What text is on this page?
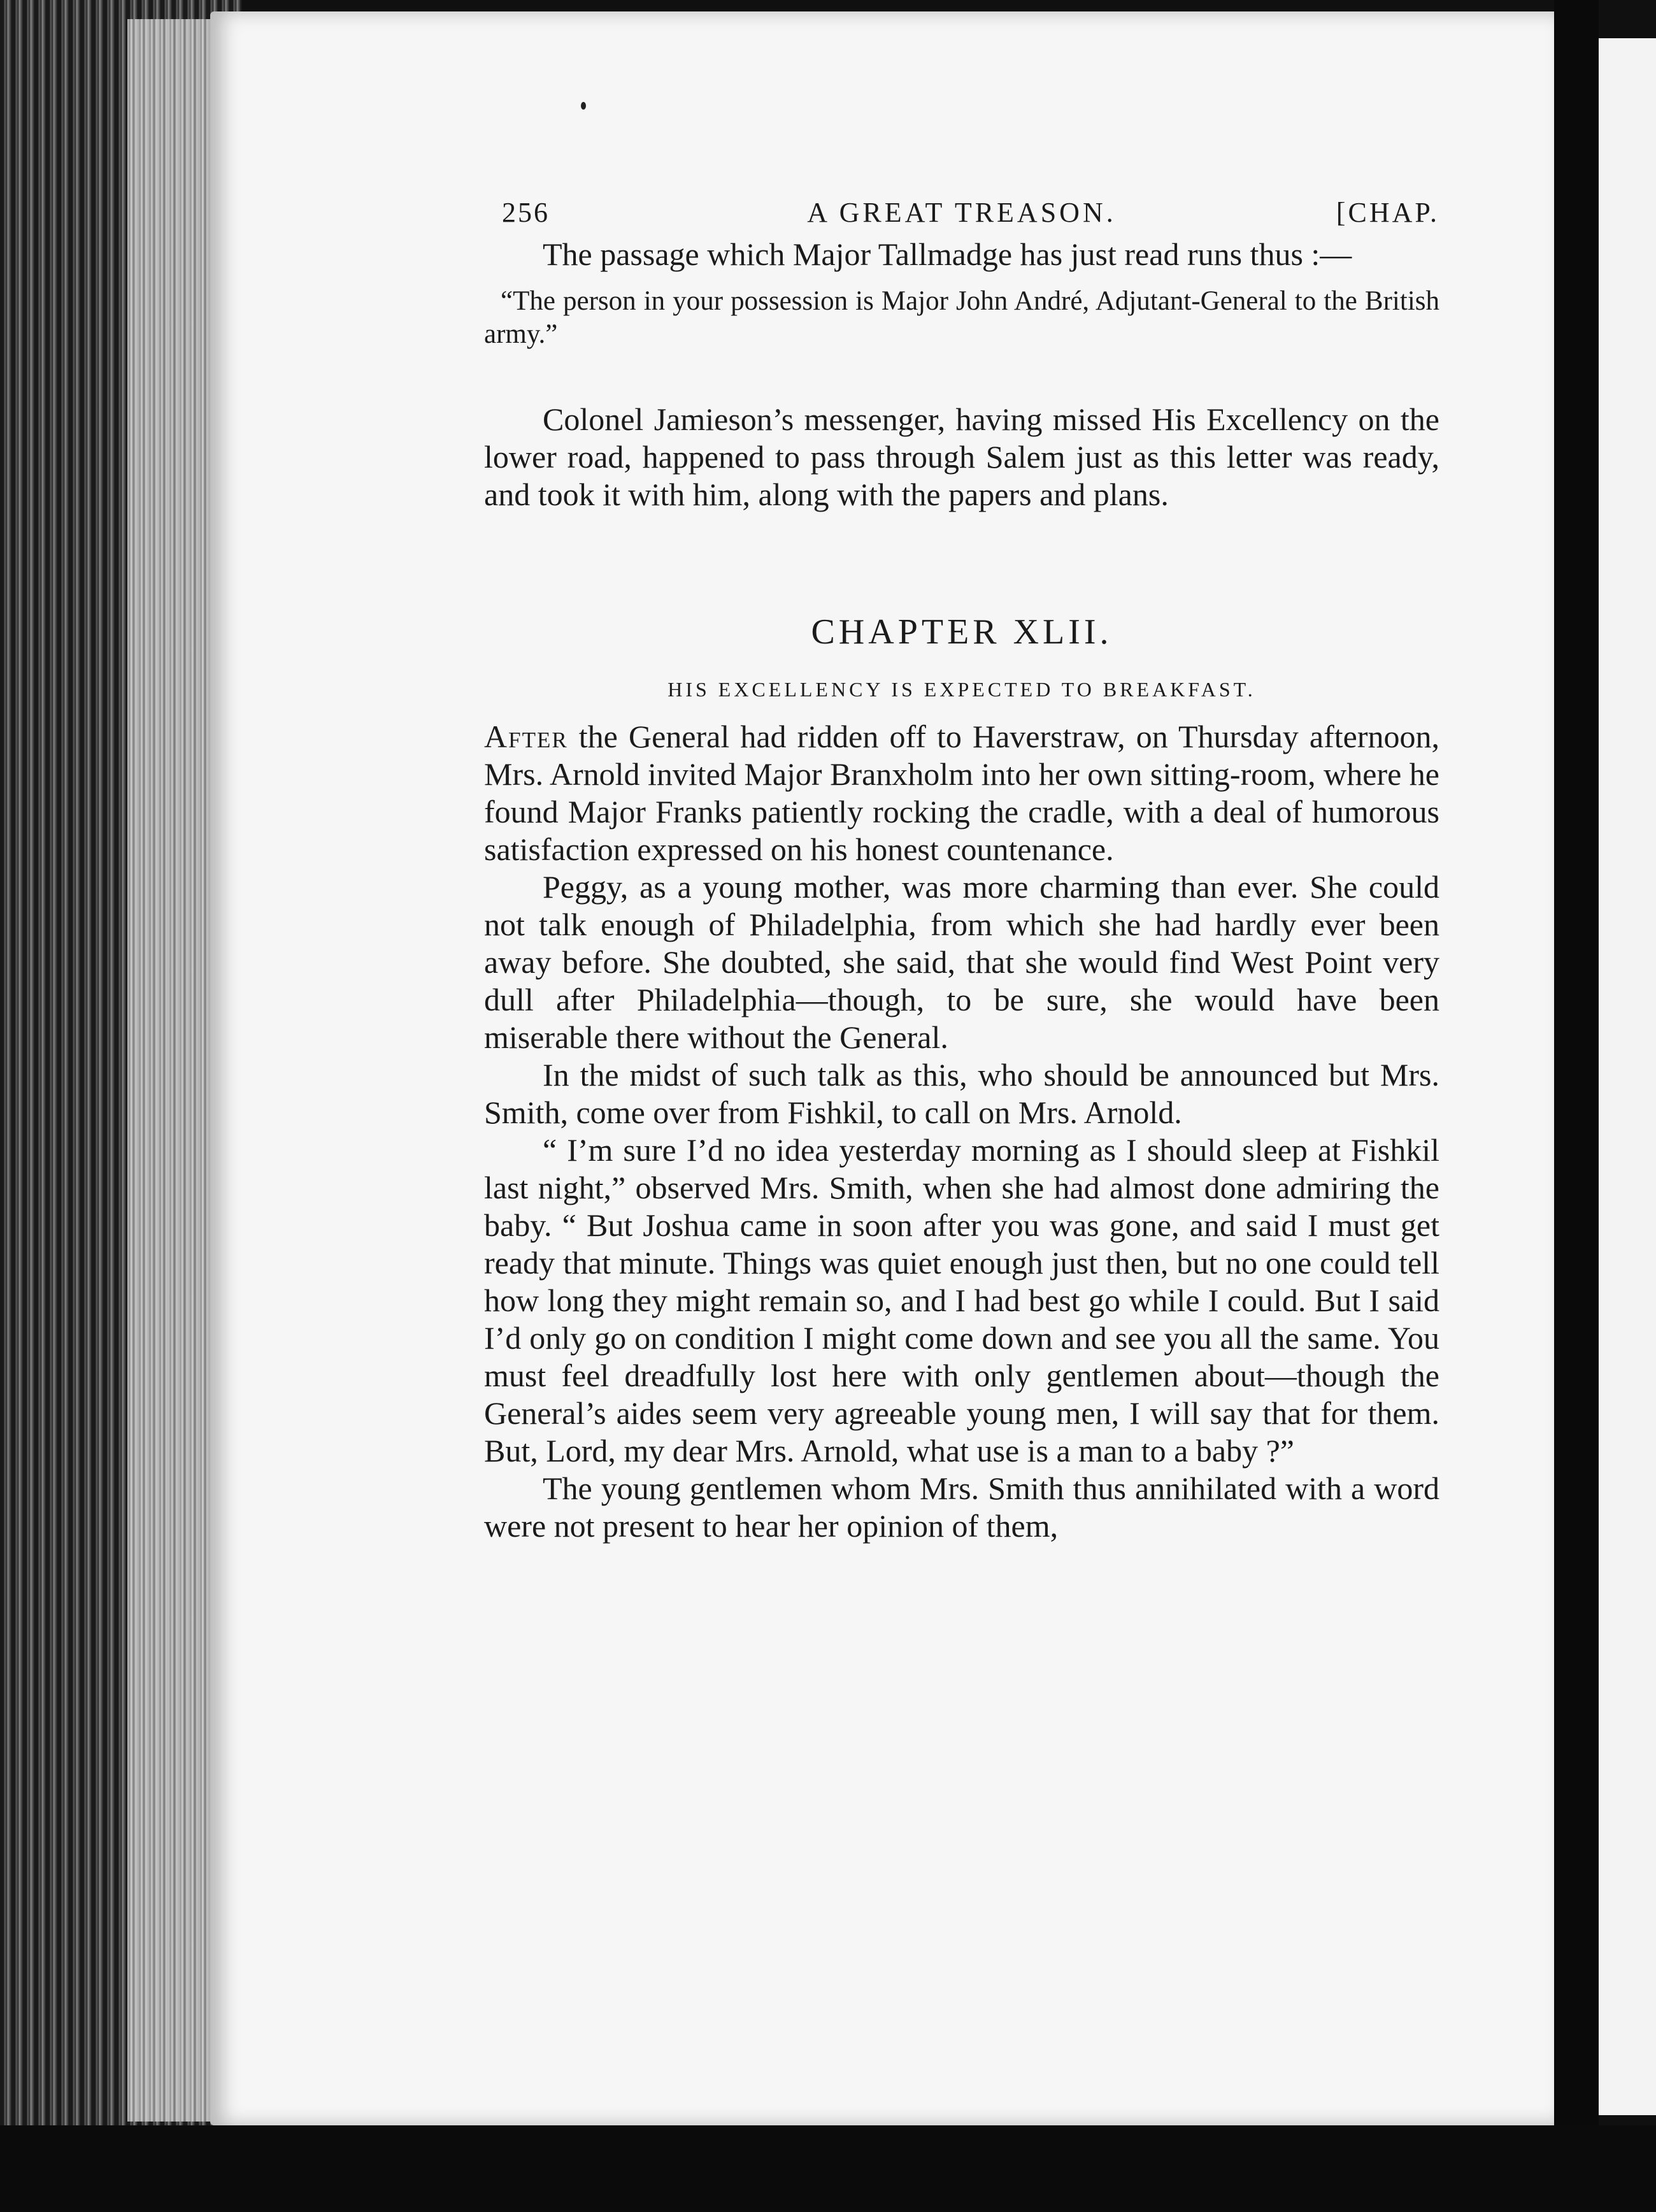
256	A GREAT TREASON.	[CHAP.

The passage which Major Tallmadge has just read runs thus :—

“The person in your possession is Major John André, Adjutant-General to the British army.”

Colonel Jamieson’s messenger, having missed His Excellency on the lower road, happened to pass through Salem just as this letter was ready, and took it with him, along with the papers and plans.

CHAPTER XLII.
HIS EXCELLENCY IS EXPECTED TO BREAKFAST.

After the General had ridden off to Haverstraw, on Thursday afternoon, Mrs. Arnold invited Major Branxholm into her own sitting-room, where he found Major Franks patiently rocking the cradle, with a deal of humorous satisfaction expressed on his honest countenance.

Peggy, as a young mother, was more charming than ever. She could not talk enough of Philadelphia, from which she had hardly ever been away before. She doubted, she said, that she would find West Point very dull after Philadelphia—though, to be sure, she would have been miserable there without the General.

In the midst of such talk as this, who should be announced but Mrs. Smith, come over from Fishkil, to call on Mrs. Arnold.

“ I’m sure I’d no idea yesterday morning as I should sleep at Fishkil last night,” observed Mrs. Smith, when she had almost done admiring the baby. “ But Joshua came in soon after you was gone, and said I must get ready that minute. Things was quiet enough just then, but no one could tell how long they might remain so, and I had best go while I could. But I said I’d only go on condition I might come down and see you all the same. You must feel dreadfully lost here with only gentlemen about—though the General’s aides seem very agreeable young men, I will say that for them. But, Lord, my dear Mrs. Arnold, what use is a man to a baby ?”

The young gentlemen whom Mrs. Smith thus annihilated with a word were not present to hear her opinion of them,
